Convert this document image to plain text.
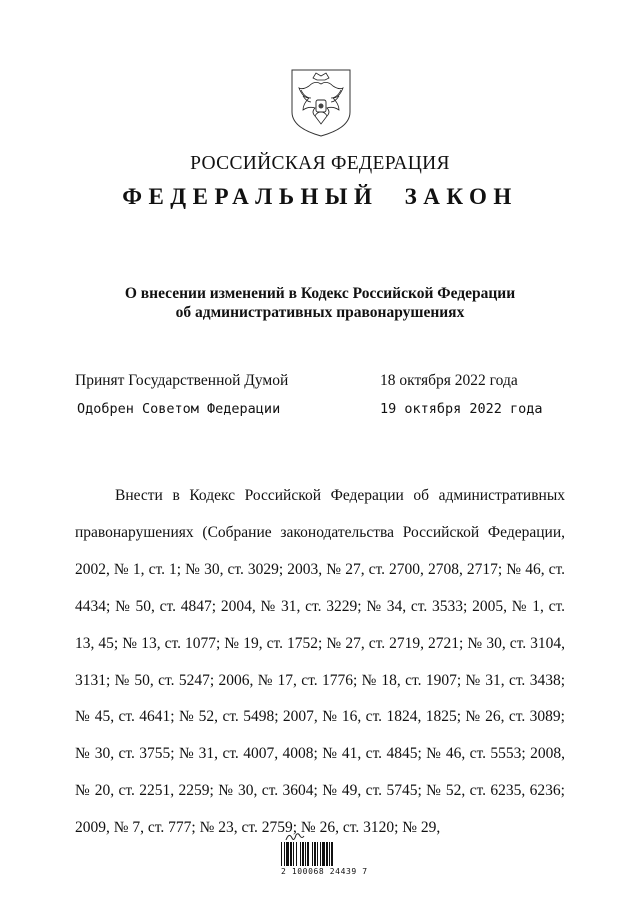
РОССИЙСКАЯ ФЕДЕРАЦИЯ
ФЕДЕРАЛЬНЫЙ ЗАКОН
О внесении изменений в Кодекс Российской Федерации
об административных правонарушениях
Принят Государственной Думой	18 октября 2022 года
Одобрен Советом Федерации	19 октября 2022 года
Внести в Кодекс Российской Федерации об административных правонарушениях (Собрание законодательства Российской Федерации, 2002, № 1, ст. 1; № 30, ст. 3029; 2003, № 27, ст. 2700, 2708, 2717; № 46, ст. 4434; № 50, ст. 4847; 2004, № 31, ст. 3229; № 34, ст. 3533; 2005, № 1, ст. 13, 45; № 13, ст. 1077; № 19, ст. 1752; № 27, ст. 2719, 2721; № 30, ст. 3104, 3131; № 50, ст. 5247; 2006, № 17, ст. 1776; № 18, ст. 1907; № 31, ст. 3438; № 45, ст. 4641; № 52, ст. 5498; 2007, № 16, ст. 1824, 1825; № 26, ст. 3089; № 30, ст. 3755; № 31, ст. 4007, 4008; № 41, ст. 4845; № 46, ст. 5553; 2008, № 20, ст. 2251, 2259; № 30, ст. 3604; № 49, ст. 5745; № 52, ст. 6235, 6236; 2009, № 7, ст. 777; № 23, ст. 2759; № 26, ст. 3120; № 29,
2 100068 24439 7
